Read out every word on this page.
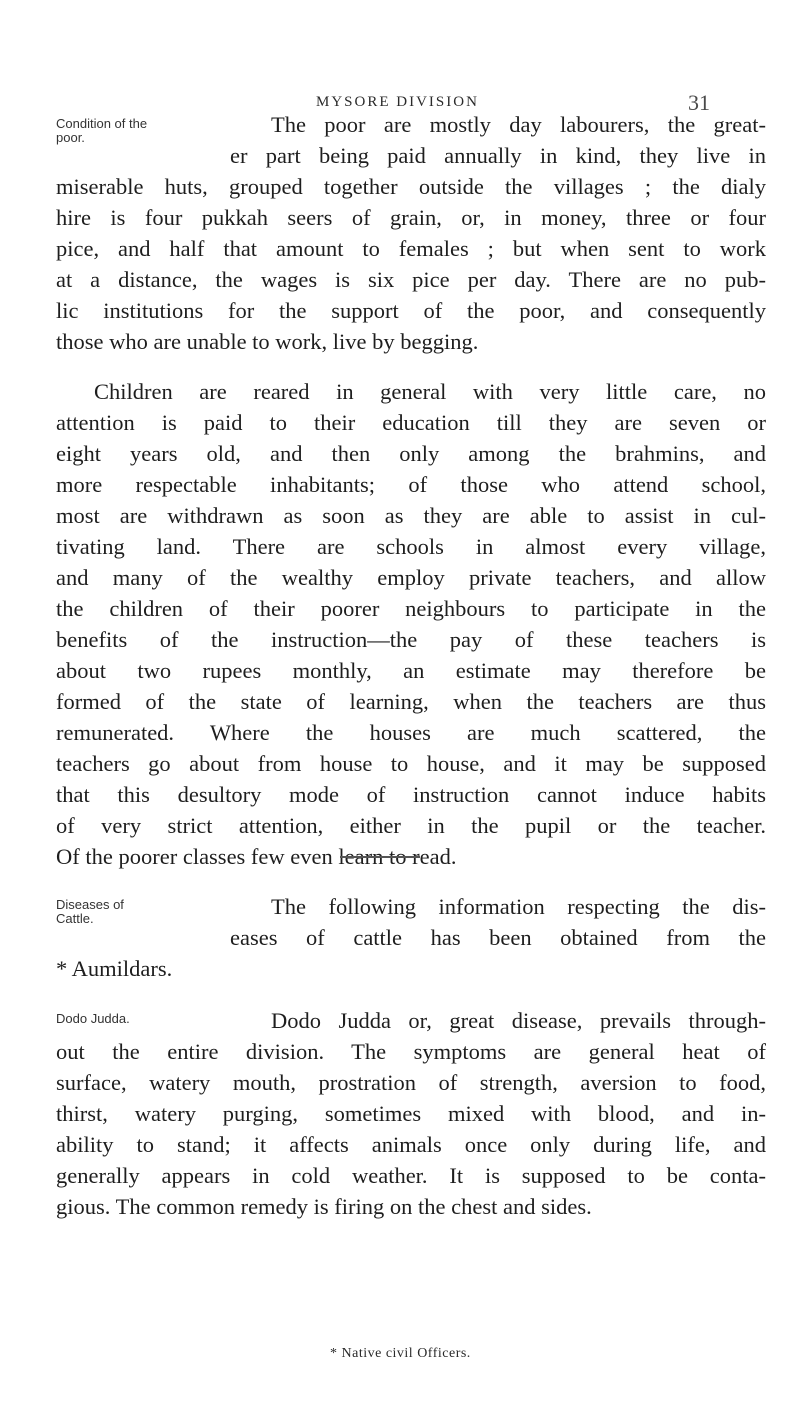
MYSORE DIVISION	31
Condition of the
poor.
The poor are mostly day labourers, the great-
er part being paid annually in kind, they live in
miserable huts, grouped together outside the villages ; the dialy
hire is four pukkah seers of grain, or, in money, three or four
pice, and half that amount to females ; but when sent to work
at a distance, the wages is six pice per day. There are no pub-
lic institutions for the support of the poor, and consequently
those who are unable to work, live by begging.
Children are reared in general with very little care, no
attention is paid to their education till they are seven or
eight years old, and then only among the brahmins, and
more respectable inhabitants; of those who attend school,
most are withdrawn as soon as they are able to assist in cul-
tivating land. There are schools in almost every village,
and many of the wealthy employ private teachers, and allow
the children of their poorer neighbours to participate in the
benefits of the instruction—the pay of these teachers is
about two rupees monthly, an estimate may therefore be
formed of the state of learning, when the teachers are thus
remunerated. Where the houses are much scattered, the
teachers go about from house to house, and it may be supposed
that this desultory mode of instruction cannot induce habits
of very strict attention, either in the pupil or the teacher.
Of the poorer classes few even learn to read.
Diseases of
Cattle.	The following information respecting the dis-
eases of cattle has been obtained from the
* Aumildars.
Dodo Judda.	Dodo Judda or, great disease, prevails through-
out the entire division. The symptoms are general heat of
surface, watery mouth, prostration of strength, aversion to food,
thirst, watery purging, sometimes mixed with blood, and in-
ability to stand; it affects animals once only during life, and
generally appears in cold weather. It is supposed to be conta-
gious. The common remedy is firing on the chest and sides.
* Native civil Officers.
